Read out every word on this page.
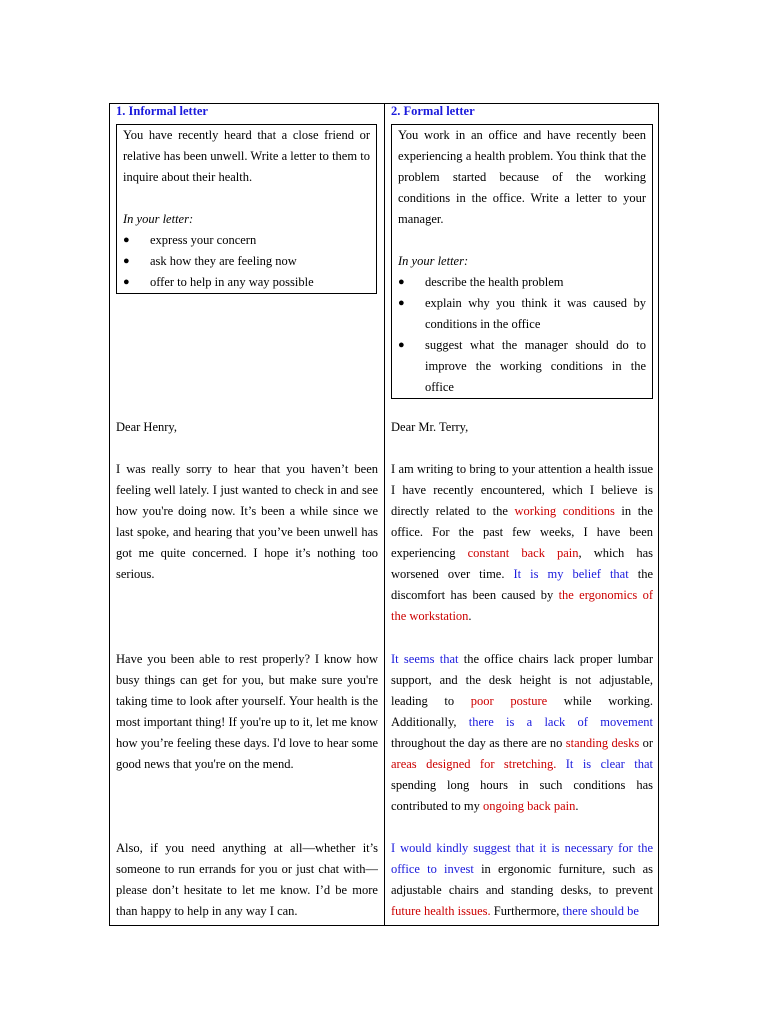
1. Informal letter

You have recently heard that a close friend or relative has been unwell. Write a letter to them to inquire about their health.

In your letter:

● express your concern
● ask how they are feeling now
● offer to help in any way possible

Dear Henry,

I was really sorry to hear that you haven’t been feeling well lately. I just wanted to check in and see how you're doing now. It’s been a while since we last spoke, and hearing that you’ve been unwell has got me quite concerned. I hope it’s nothing too serious.

Have you been able to rest properly? I know how busy things can get for you, but make sure you're taking time to look after yourself. Your health is the most important thing! If you're up to it, let me know how you’re feeling these days. I'd love to hear some good news that you're on the mend.

Also, if you need anything at all—whether it’s someone to run errands for you or just chat with—please don’t hesitate to let me know. I’d be more than happy to help in any way I can.

2. Formal letter

You work in an office and have recently been experiencing a health problem. You think that the problem started because of the working conditions in the office. Write a letter to your manager.

In your letter:

● describe the health problem
● explain why you think it was caused by conditions in the office
● suggest what the manager should do to improve the working conditions in the office

Dear Mr. Terry,

I am writing to bring to your attention a health issue I have recently encountered, which I believe is directly related to the working conditions in the office. For the past few weeks, I have been experiencing constant back pain, which has worsened over time. It is my belief that the discomfort has been caused by the ergonomics of the workstation.

It seems that the office chairs lack proper lumbar support, and the desk height is not adjustable, leading to poor posture while working. Additionally, there is a lack of movement throughout the day as there are no standing desks or areas designed for stretching. It is clear that spending long hours in such conditions has contributed to my ongoing back pain.

I would kindly suggest that it is necessary for the office to invest in ergonomic furniture, such as adjustable chairs and standing desks, to prevent future health issues. Furthermore, there should be
